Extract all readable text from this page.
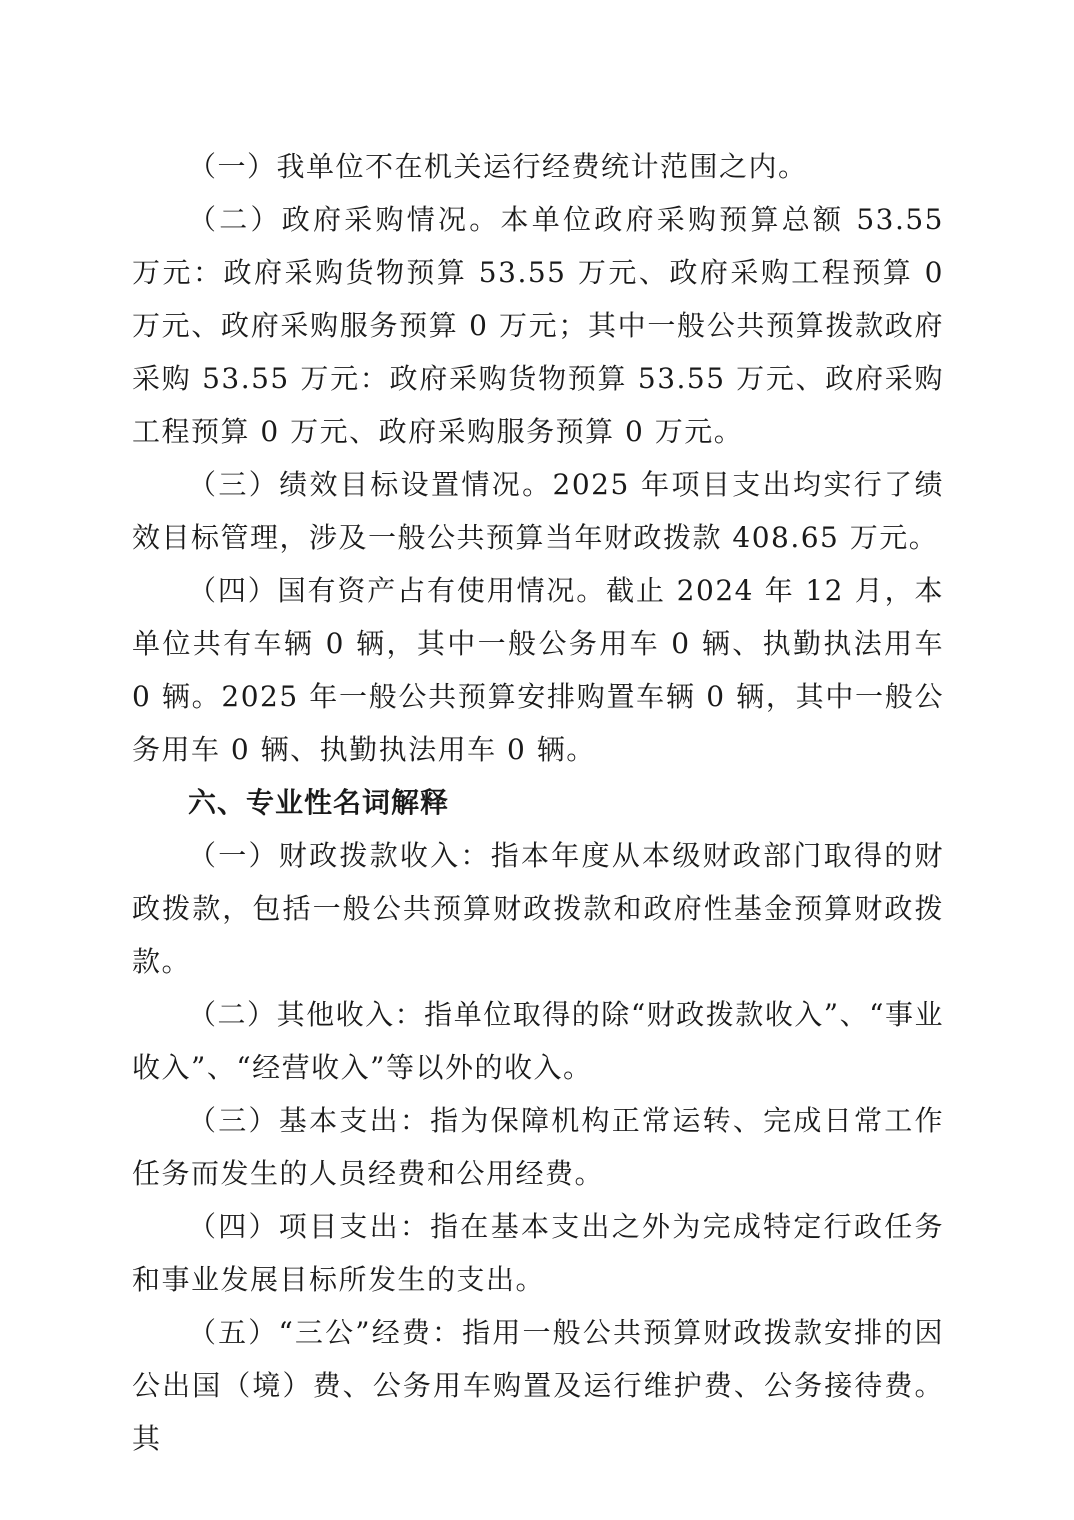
（一）我单位不在机关运行经费统计范围之内。

（二）政府采购情况。本单位政府采购预算总额 53.55 万元：政府采购货物预算 53.55 万元、政府采购工程预算 0 万元、政府采购服务预算 0 万元；其中一般公共预算拨款政府采购 53.55 万元：政府采购货物预算 53.55 万元、政府采购工程预算 0 万元、政府采购服务预算 0 万元。

（三）绩效目标设置情况。2025 年项目支出均实行了绩效目标管理，涉及一般公共预算当年财政拨款 408.65 万元。

（四）国有资产占有使用情况。截止 2024 年 12 月，本单位共有车辆 0 辆，其中一般公务用车 0 辆、执勤执法用车 0 辆。2025 年一般公共预算安排购置车辆 0 辆，其中一般公务用车 0 辆、执勤执法用车 0 辆。

六、专业性名词解释

（一）财政拨款收入：指本年度从本级财政部门取得的财政拨款，包括一般公共预算财政拨款和政府性基金预算财政拨款。

（二）其他收入：指单位取得的除“财政拨款收入”、“事业收入”、“经营收入”等以外的收入。

（三）基本支出：指为保障机构正常运转、完成日常工作任务而发生的人员经费和公用经费。

（四）项目支出：指在基本支出之外为完成特定行政任务和事业发展目标所发生的支出。

（五）“三公”经费：指用一般公共预算财政拨款安排的因公出国（境）费、公务用车购置及运行维护费、公务接待费。其
